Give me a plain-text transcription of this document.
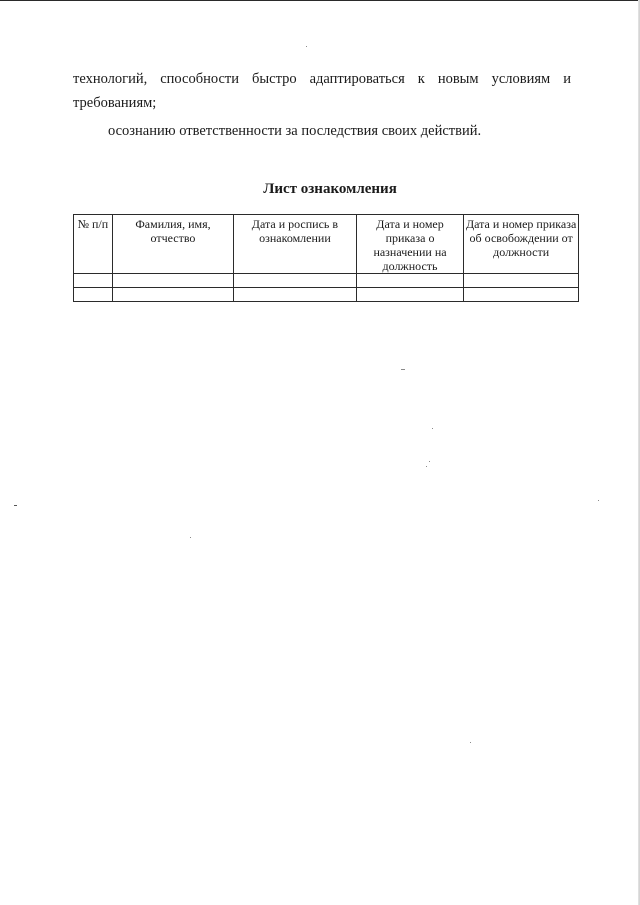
технологий, способности быстро адаптироваться к новым условиям и

требованиям;

осознанию ответственности за последствия своих действий.

Лист ознакомления
№ п/п	Фамилия, имя, отчество	Дата и роспись в ознакомлении	Дата и номер приказа о назначении на должность	Дата и номер приказа об освобождении от должности
